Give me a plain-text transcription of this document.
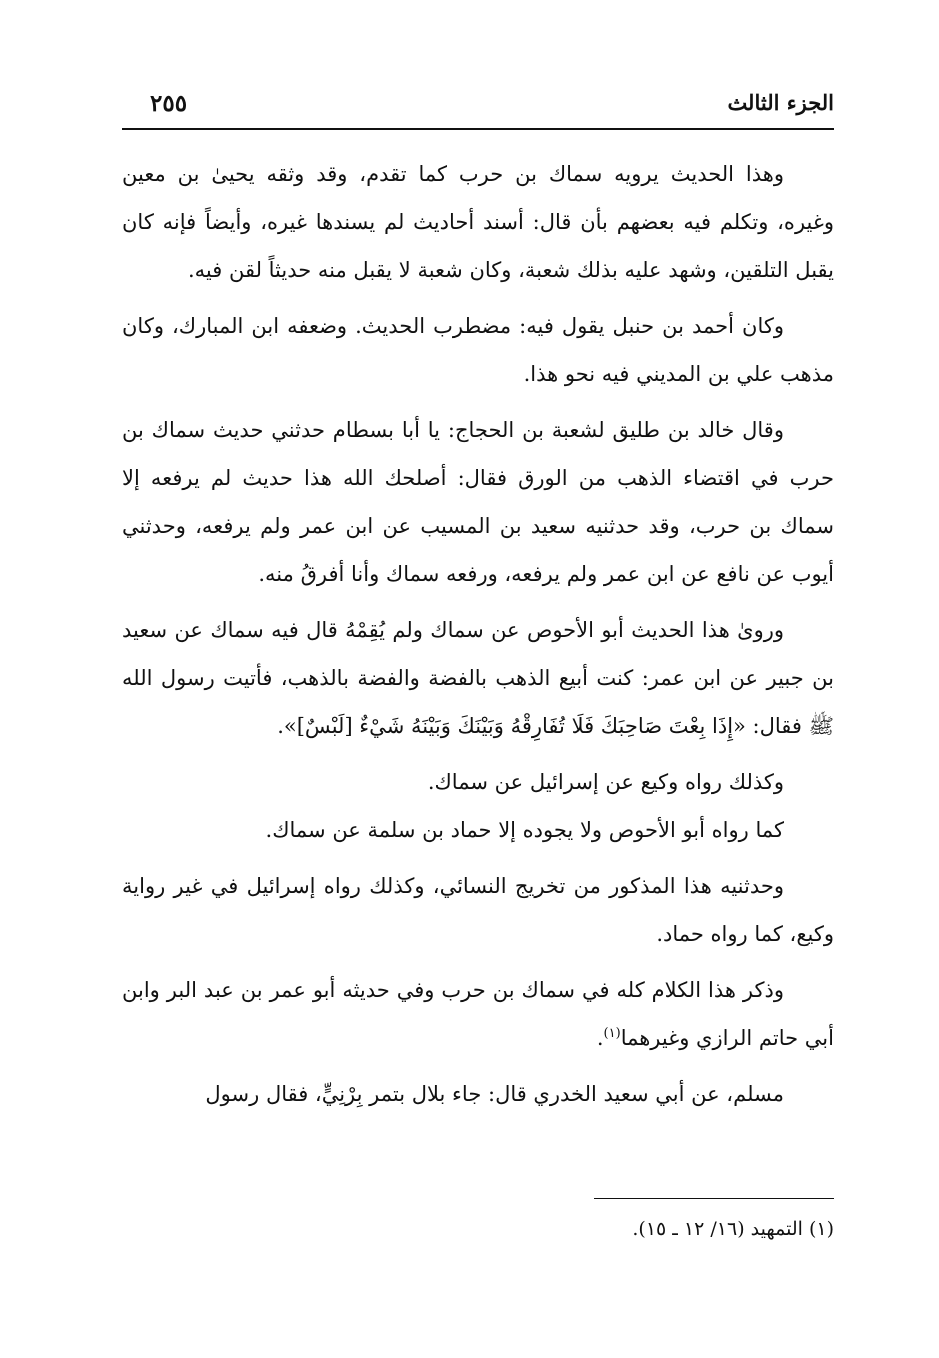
الجزء الثالث
٢٥٥

وهذا الحديث يرويه سماك بن حرب كما تقدم، وقد وثقه يحيىٰ بن معين وغيره، وتكلم فيه بعضهم بأن قال: أسند أحاديث لم يسندها غيره، وأيضاً فإنه كان يقبل التلقين، وشهد عليه بذلك شعبة، وكان شعبة لا يقبل منه حديثاً لقن فيه.

وكان أحمد بن حنبل يقول فيه: مضطرب الحديث. وضعفه ابن المبارك، وكان مذهب علي بن المديني فيه نحو هذا.

وقال خالد بن طليق لشعبة بن الحجاج: يا أبا بسطام حدثني حديث سماك بن حرب في اقتضاء الذهب من الورق فقال: أصلحك الله هذا حديث لم يرفعه إلا سماك بن حرب، وقد حدثنيه سعيد بن المسيب عن ابن عمر ولم يرفعه، وحدثني أيوب عن نافع عن ابن عمر ولم يرفعه، ورفعه سماك وأنا أفرقُ منه.

ورویٰ هذا الحديث أبو الأحوص عن سماك ولم يُقِمْهُ قال فيه سماك عن سعيد بن جبير عن ابن عمر: كنت أبيع الذهب بالفضة والفضة بالذهب، فأتيت رسول الله ﷺ فقال: «إِذَا بِعْتَ صَاحِبَكَ فَلَا تُفَارِقْهُ وَبَيْنَكَ وَبَيْنَهُ شَيْءٌ [لَبْسٌ]».

وكذلك رواه وكيع عن إسرائيل عن سماك.

كما رواه أبو الأحوص ولا يجوده إلا حماد بن سلمة عن سماك.

وحدثنيه هذا المذكور من تخريج النسائي، وكذلك رواه إسرائيل في غير رواية وكيع، كما رواه حماد.

وذكر هذا الكلام كله في سماك بن حرب وفي حديثه أبو عمر بن عبد البر وابن أبي حاتم الرازي وغيرهما$^{(١)}$.

مسلم، عن أبي سعيد الخدري قال: جاء بلال بتمر بِرْنِيٍّ، فقال رسول

(١) التمهيد (١٦/ ١٢ ـ ١٥).
